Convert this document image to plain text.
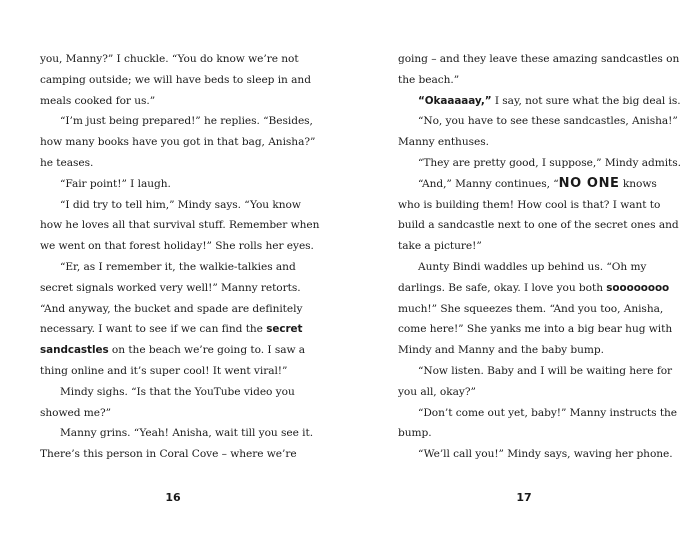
you, Manny?” I chuckle. “You do know we’re not
camping outside; we will have beds to sleep in and
meals cooked for us.”
“I’m just being prepared!” he replies. “Besides,
how many books have you got in that bag, Anisha?”
he teases.
“Fair point!” I laugh.
“I did try to tell him,” Mindy says. “You know
how he loves all that survival stuff. Remember when
we went on that forest holiday!” She rolls her eyes.
“Er, as I remember it, the walkie-talkies and
secret signals worked very well!” Manny retorts.
“And anyway, the bucket and spade are definitely
necessary. I want to see if we can find the secret
sandcastles on the beach we’re going to. I saw a
thing online and it’s super cool! It went viral!”
Mindy sighs. “Is that the YouTube video you
showed me?”
Manny grins. “Yeah! Anisha, wait till you see it.
There’s this person in Coral Cove – where we’re
16
going – and they leave these amazing sandcastles on
the beach.”
“Okaaaaay,” I say, not sure what the big deal is.
“No, you have to see these sandcastles, Anisha!”
Manny enthuses.
“They are pretty good, I suppose,” Mindy admits.
“And,” Manny continues, “NO ONE knows
who is building them! How cool is that? I want to
build a sandcastle next to one of the secret ones and
take a picture!”
Aunty Bindi waddles up behind us. “Oh my
darlings. Be safe, okay. I love you both soooooooo
much!” She squeezes them. “And you too, Anisha,
come here!” She yanks me into a big bear hug with
Mindy and Manny and the baby bump.
“Now listen. Baby and I will be waiting here for
you all, okay?”
“Don’t come out yet, baby!” Manny instructs the
bump.
“We’ll call you!” Mindy says, waving her phone.
17
